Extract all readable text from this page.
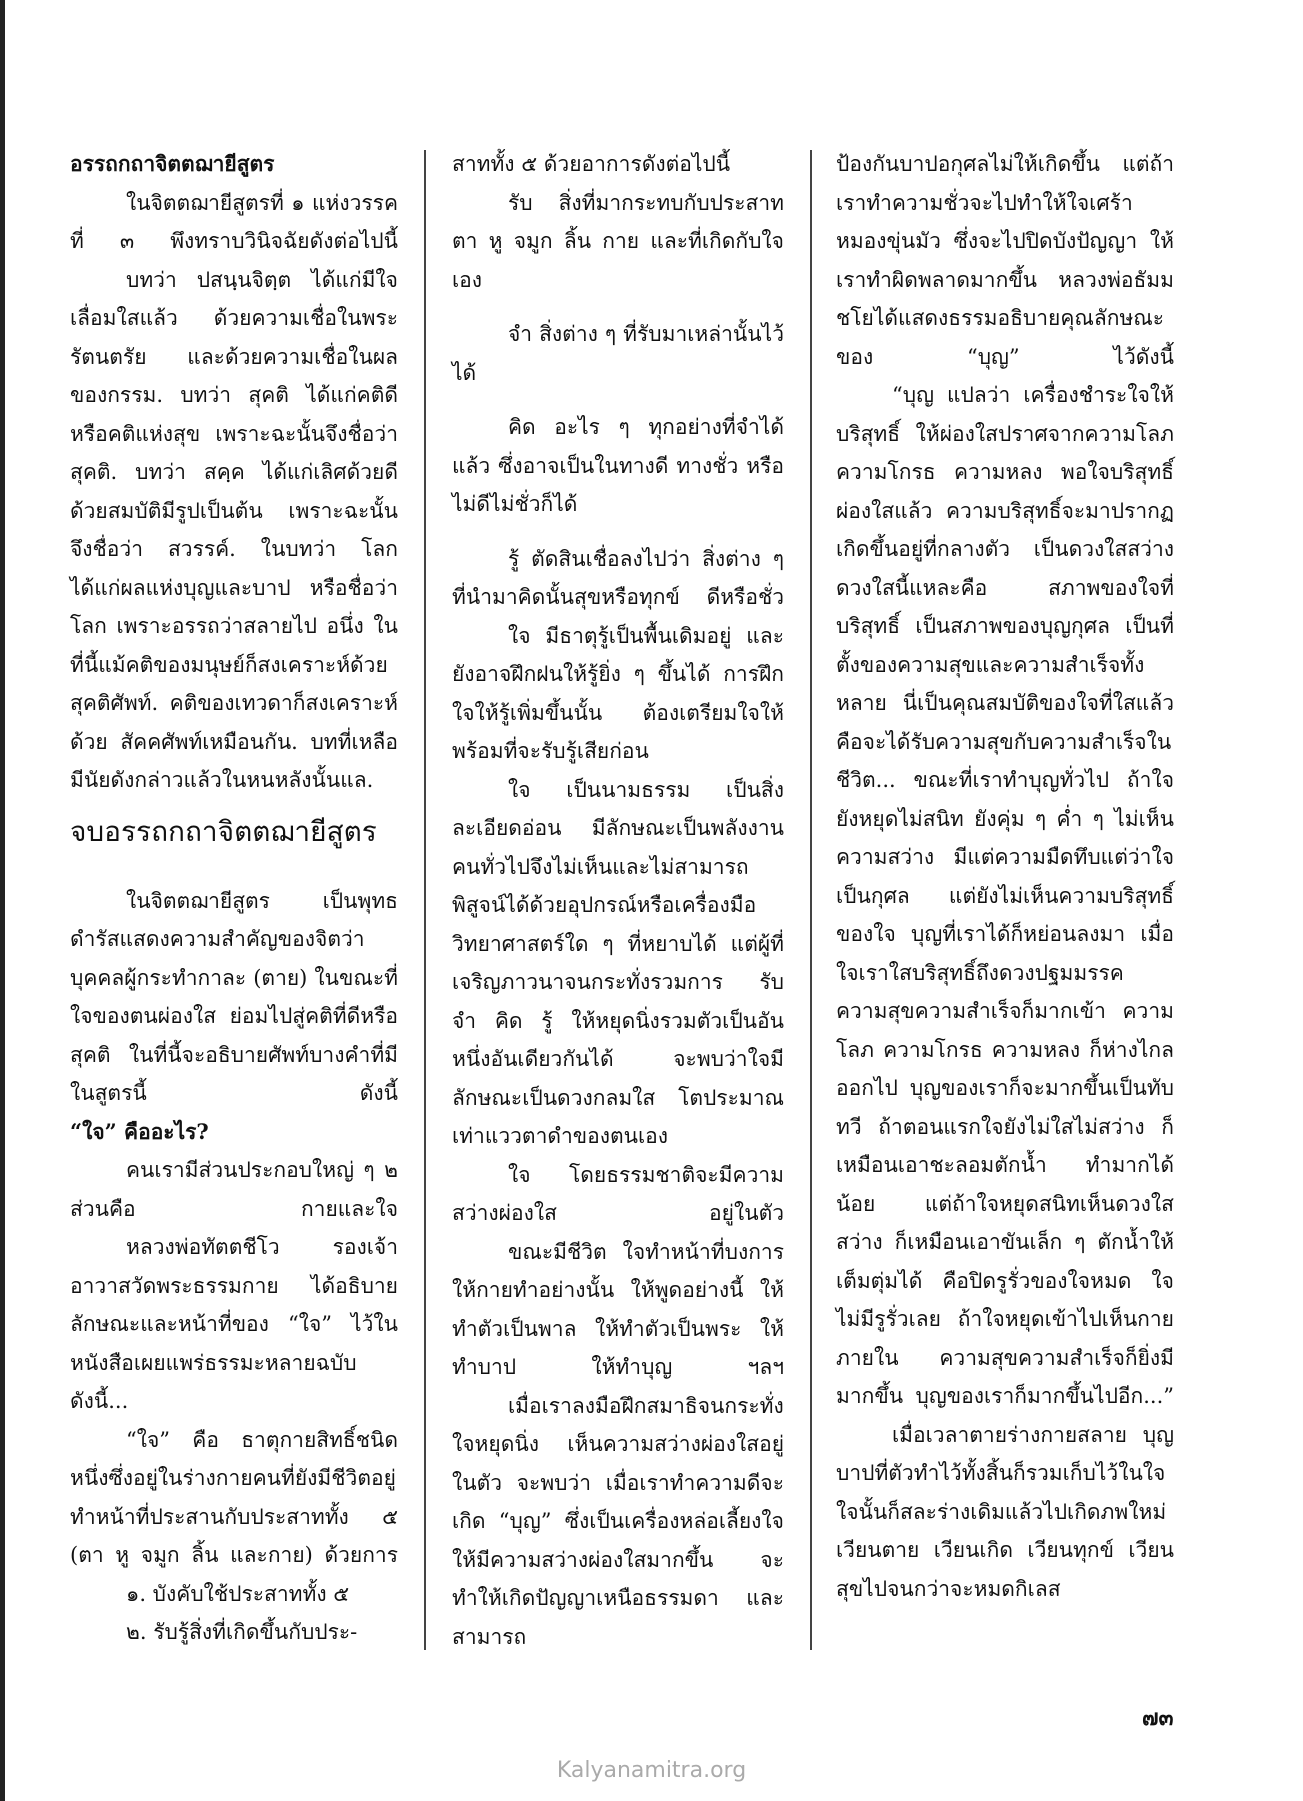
อรรถกถาจิตตฌายีสูตร

ในจิตตฌายีสูตรที่ ๑ แห่งวรรค ที่ ๓ พึงทราบวินิจฉัยดังต่อไปนี้

บทว่า ปสนฺนจิตฺต ได้แก่มีใจเลื่อมใสแล้ว ด้วยความเชื่อในพระรัตนตรัย และด้วยความเชื่อในผลของกรรม. บทว่า สุคติ ได้แก่คติดีหรือคติแห่งสุข เพราะฉะนั้นจึงชื่อว่า สุคติ. บทว่า สคฺค ได้แก่เลิศด้วยดีด้วยสมบัติมีรูปเป็นต้น เพราะฉะนั้นจึงชื่อว่า สวรรค์. ในบทว่า โลก ได้แก่ผลแห่งบุญและบาป หรือชื่อว่าโลก เพราะอรรถว่าสลายไป อนึ่ง ในที่นี้แม้คติของมนุษย์ก็สงเคราะห์ด้วยสุคติศัพท์. คติของเทวดาก็สงเคราะห์ด้วย สัคคศัพท์เหมือนกัน. บทที่เหลือมีนัยดังกล่าวแล้วในหนหลังนั้นแล.

จบอรรถกถาจิตตฌายีสูตร

ในจิตตฌายีสูตร เป็นพุทธดำรัสแสดงความสำคัญของจิตว่า บุคคลผู้กระทำกาละ (ตาย) ในขณะที่ใจของตนผ่องใส ย่อมไปสู่คติที่ดีหรือสุคติ ในที่นี้จะอธิบายศัพท์บางคำที่มีในสูตรนี้ ดังนี้

“ใจ” คืออะไร?

คนเรามีส่วนประกอบใหญ่ ๆ ๒ ส่วนคือ กายและใจ

หลวงพ่อทัตตชีโว รองเจ้าอาวาสวัดพระธรรมกาย ได้อธิบายลักษณะและหน้าที่ของ “ใจ” ไว้ในหนังสือเผยแพร่ธรรมะหลายฉบับ ดังนี้...

“ใจ” คือ ธาตุกายสิทธิ์ชนิดหนึ่งซึ่งอยู่ในร่างกายคนที่ยังมีชีวิตอยู่ ทำหน้าที่ประสานกับประสาททั้ง ๕ (ตา หู จมูก ลิ้น และกาย) ด้วยการ

๑. บังคับใช้ประสาททั้ง ๕

๒. รับรู้สิ่งที่เกิดขึ้นกับประ-

สาททั้ง ๕ ด้วยอาการดังต่อไปนี้

รับ สิ่งที่มากระทบกับประสาท ตา หู จมูก ลิ้น กาย และที่เกิดกับใจเอง

จำ สิ่งต่าง ๆ ที่รับมาเหล่านั้นไว้ได้

คิด อะไร ๆ ทุกอย่างที่จำได้แล้ว ซึ่งอาจเป็นในทางดี ทางชั่ว หรือไม่ดีไม่ชั่วก็ได้

รู้ ตัดสินเชื่อลงไปว่า สิ่งต่าง ๆ ที่นำมาคิดนั้นสุขหรือทุกข์ ดีหรือชั่ว

ใจ มีธาตุรู้เป็นพื้นเดิมอยู่ และยังอาจฝึกฝนให้รู้ยิ่ง ๆ ขึ้นได้ การฝึกใจให้รู้เพิ่มขึ้นนั้น ต้องเตรียมใจให้พร้อมที่จะรับรู้เสียก่อน

ใจ เป็นนามธรรม เป็นสิ่งละเอียดอ่อน มีลักษณะเป็นพลังงาน คนทั่วไปจึงไม่เห็นและไม่สามารถพิสูจน์ได้ด้วยอุปกรณ์หรือเครื่องมือวิทยาศาสตร์ใด ๆ ที่หยาบได้ แต่ผู้ที่เจริญภาวนาจนกระทั่งรวมการ รับ จำ คิด รู้ ให้หยุดนิ่งรวมตัวเป็นอันหนึ่งอันเดียวกันได้ จะพบว่าใจมีลักษณะเป็นดวงกลมใส โตประมาณเท่าแววตาดำของตนเอง

ใจ โดยธรรมชาติจะมีความสว่างผ่องใส อยู่ในตัว

ขณะมีชีวิต ใจทำหน้าที่บงการให้กายทำอย่างนั้น ให้พูดอย่างนี้ ให้ทำตัวเป็นพาล ให้ทำตัวเป็นพระ ให้ทำบาป ให้ทำบุญ ฯลฯ

เมื่อเราลงมือฝึกสมาธิจนกระทั่งใจหยุดนิ่ง เห็นความสว่างผ่องใสอยู่ในตัว จะพบว่า เมื่อเราทำความดีจะเกิด “บุญ” ซึ่งเป็นเครื่องหล่อเลี้ยงใจให้มีความสว่างผ่องใสมากขึ้น จะทำให้เกิดปัญญาเหนือธรรมดา และสามารถ

ป้องกันบาปอกุศลไม่ให้เกิดขึ้น แต่ถ้าเราทำความชั่วจะไปทำให้ใจเศร้าหมองขุ่นมัว ซึ่งจะไปปิดบังปัญญา ให้เราทำผิดพลาดมากขึ้น หลวงพ่อธัมมชโยได้แสดงธรรมอธิบายคุณลักษณะของ “บุญ” ไว้ดังนี้

“บุญ แปลว่า เครื่องชำระใจให้บริสุทธิ์ ให้ผ่องใสปราศจากความโลภ ความโกรธ ความหลง พอใจบริสุทธิ์ผ่องใสแล้ว ความบริสุทธิ์จะมาปรากฏเกิดขึ้นอยู่ที่กลางตัว เป็นดวงใสสว่าง ดวงใสนี้แหละคือ สภาพของใจที่บริสุทธิ์ เป็นสภาพของบุญกุศล เป็นที่ตั้งของความสุขและความสำเร็จทั้งหลาย นี่เป็นคุณสมบัติของใจที่ใสแล้ว คือจะได้รับความสุขกับความสำเร็จในชีวิต... ขณะที่เราทำบุญทั่วไป ถ้าใจยังหยุดไม่สนิท ยังคุ่ม ๆ ค่ำ ๆ ไม่เห็นความสว่าง มีแต่ความมืดทึบแต่ว่าใจเป็นกุศล แต่ยังไม่เห็นความบริสุทธิ์ของใจ บุญที่เราได้ก็หย่อนลงมา เมื่อใจเราใสบริสุทธิ์ถึงดวงปฐมมรรค ความสุขความสำเร็จก็มากเข้า ความโลภ ความโกรธ ความหลง ก็ห่างไกลออกไป บุญของเราก็จะมากขึ้นเป็นทับทวี ถ้าตอนแรกใจยังไม่ใสไม่สว่าง ก็เหมือนเอาชะลอมตักน้ำ ทำมากได้น้อย แต่ถ้าใจหยุดสนิทเห็นดวงใสสว่าง ก็เหมือนเอาขันเล็ก ๆ ตักน้ำให้เต็มตุ่มได้ คือปิดรูรั่วของใจหมด ใจไม่มีรูรั่วเลย ถ้าใจหยุดเข้าไปเห็นกายภายใน ความสุขความสำเร็จก็ยิ่งมีมากขึ้น บุญของเราก็มากขึ้นไปอีก...”

เมื่อเวลาตายร่างกายสลาย บุญบาปที่ตัวทำไว้ทั้งสิ้นก็รวมเก็บไว้ในใจ ใจนั้นก็สละร่างเดิมแล้วไปเกิดภพใหม่ เวียนตาย เวียนเกิด เวียนทุกข์ เวียนสุขไปจนกว่าจะหมดกิเลส

๗๓
Kalyanamitra.org
